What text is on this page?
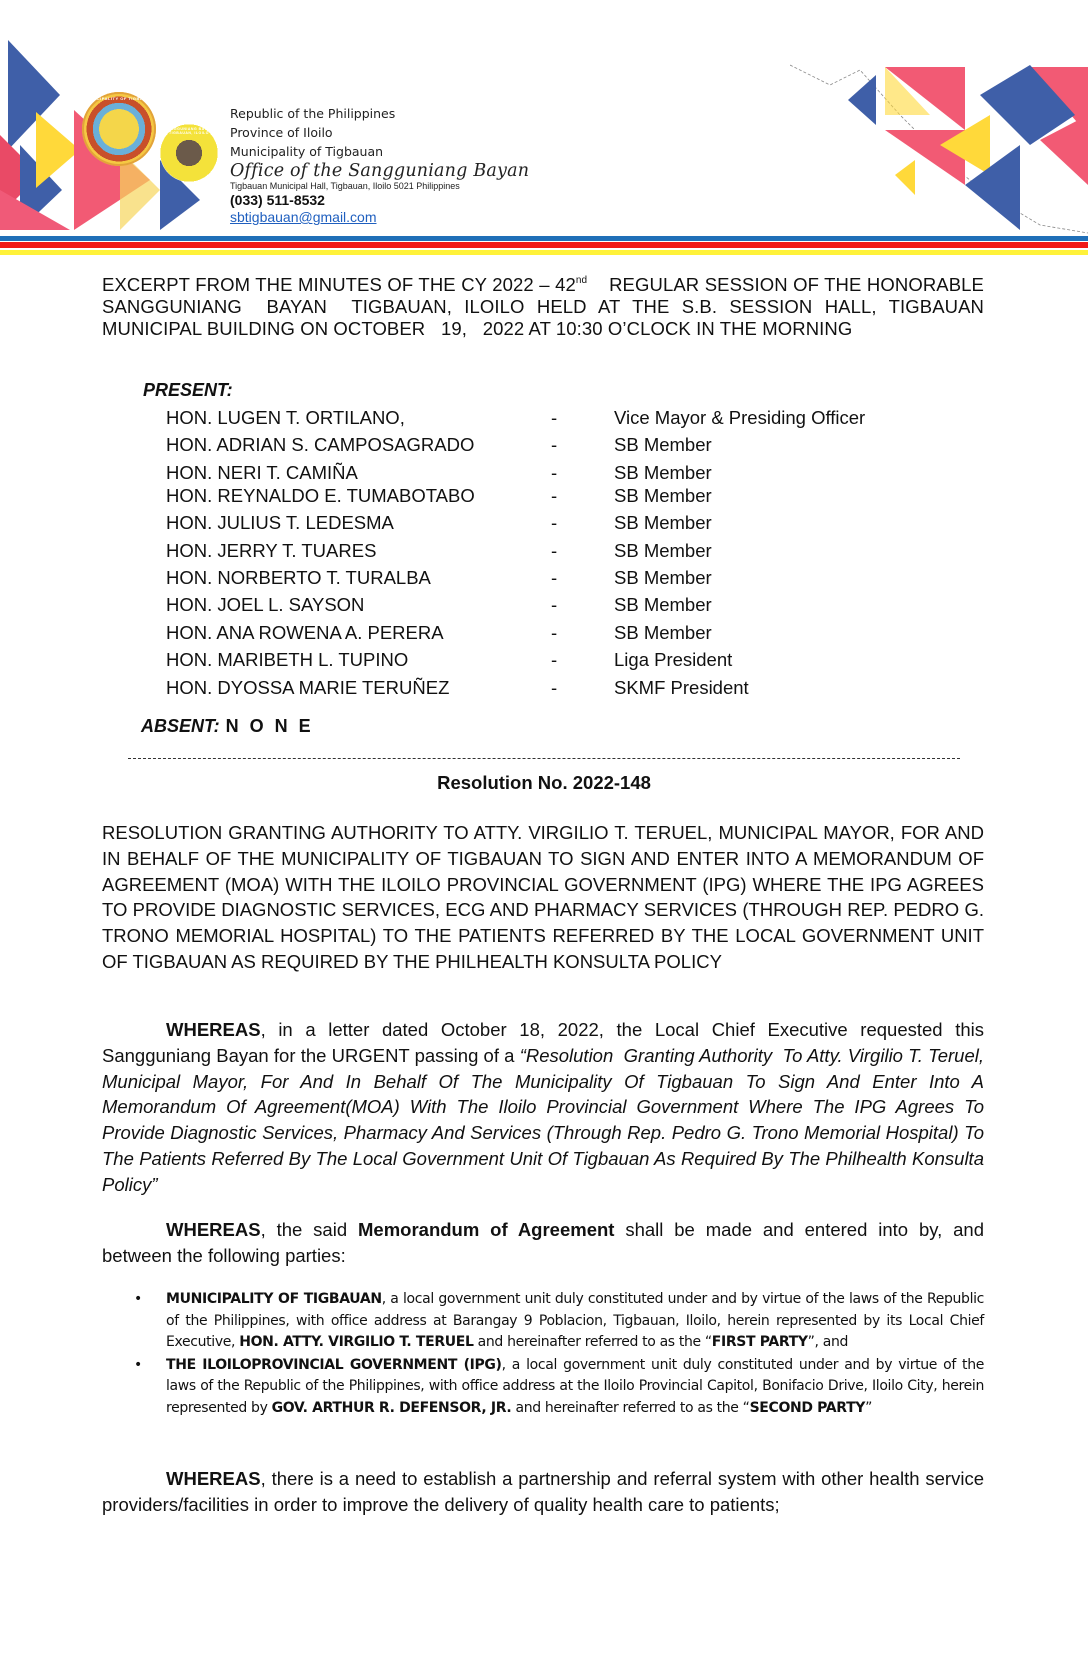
MUNICIPALITY OF TIGBAUAN
SANGGUNIANG BAYAN TIGBAUAN, ILOILO
Republic of the Philippines
Province of Iloilo
Municipality of Tigbauan
Office of the Sangguniang Bayan
Tigbauan Municipal Hall, Tigbauan, Iloilo 5021 Philippines
(033) 511-8532
sbtigbauan@gmail.com

EXCERPT FROM THE MINUTES OF THE CY 2022 – 42nd    REGULAR SESSION OF THE HONORABLE SANGGUNIANG  BAYAN  TIGBAUAN, ILOILO HELD AT THE S.B. SESSION HALL, TIGBAUAN MUNICIPAL BUILDING ON OCTOBER   19,   2022 AT 10:30 O’CLOCK IN THE MORNING

PRESENT:
HON. LUGEN T. ORTILANO,	-	Vice Mayor & Presiding Officer
HON. ADRIAN S. CAMPOSAGRADO	-	SB Member
HON. NERI T. CAMIÑA	-	SB Member
HON. REYNALDO E. TUMABOTABO	-	SB Member
HON. JULIUS T. LEDESMA	-	SB Member
HON. JERRY T. TUARES	-	SB Member
HON. NORBERTO T. TURALBA	-	SB Member
HON. JOEL L. SAYSON	-	SB Member
HON. ANA ROWENA A. PERERA	-	SB Member
HON. MARIBETH L. TUPINO	-	Liga President
HON. DYOSSA MARIE TERUÑEZ	-	SKMF President
ABSENT: N O N E
Resolution No. 2022-148

RESOLUTION GRANTING AUTHORITY TO ATTY. VIRGILIO T. TERUEL, MUNICIPAL MAYOR, FOR AND IN BEHALF OF THE MUNICIPALITY OF TIGBAUAN TO SIGN AND ENTER INTO A MEMORANDUM OF AGREEMENT (MOA) WITH THE ILOILO PROVINCIAL GOVERNMENT (IPG) WHERE THE IPG AGREES TO PROVIDE DIAGNOSTIC SERVICES, ECG AND PHARMACY SERVICES (THROUGH REP. PEDRO G. TRONO MEMORIAL HOSPITAL) TO THE PATIENTS REFERRED BY THE LOCAL GOVERNMENT UNIT OF TIGBAUAN AS REQUIRED BY THE PHILHEALTH KONSULTA POLICY

WHEREAS, in a letter dated October 18, 2022, the Local Chief Executive requested this Sangguniang Bayan for the URGENT passing of a “Resolution  Granting Authority  To Atty. Virgilio T. Teruel, Municipal Mayor, For And In Behalf Of The Municipality Of Tigbauan To Sign And Enter Into A Memorandum Of Agreement(MOA) With The Iloilo Provincial Government Where The IPG Agrees To Provide Diagnostic Services, Pharmacy And Services (Through Rep. Pedro G. Trono Memorial Hospital) To The Patients Referred By The Local Government Unit Of Tigbauan As Required By The Philhealth Konsulta Policy”

WHEREAS, the said Memorandum of Agreement shall be made and entered into by, and between the following parties:

• MUNICIPALITY OF TIGBAUAN, a local government unit duly constituted under and by virtue of the laws of the Republic of the Philippines, with office address at Barangay 9 Poblacion, Tigbauan, Iloilo, herein represented by its Local Chief Executive, HON. ATTY. VIRGILIO T. TERUEL and hereinafter referred to as the “FIRST PARTY”, and
• THE ILOILOPROVINCIAL GOVERNMENT (IPG), a local government unit duly constituted under and by virtue of the laws of the Republic of the Philippines, with office address at the Iloilo Provincial Capitol, Bonifacio Drive, Iloilo City, herein represented by GOV. ARTHUR R. DEFENSOR, JR. and hereinafter referred to as the “SECOND PARTY”

WHEREAS, there is a need to establish a partnership and referral system with other health service providers/facilities in order to improve the delivery of quality health care to patients;
